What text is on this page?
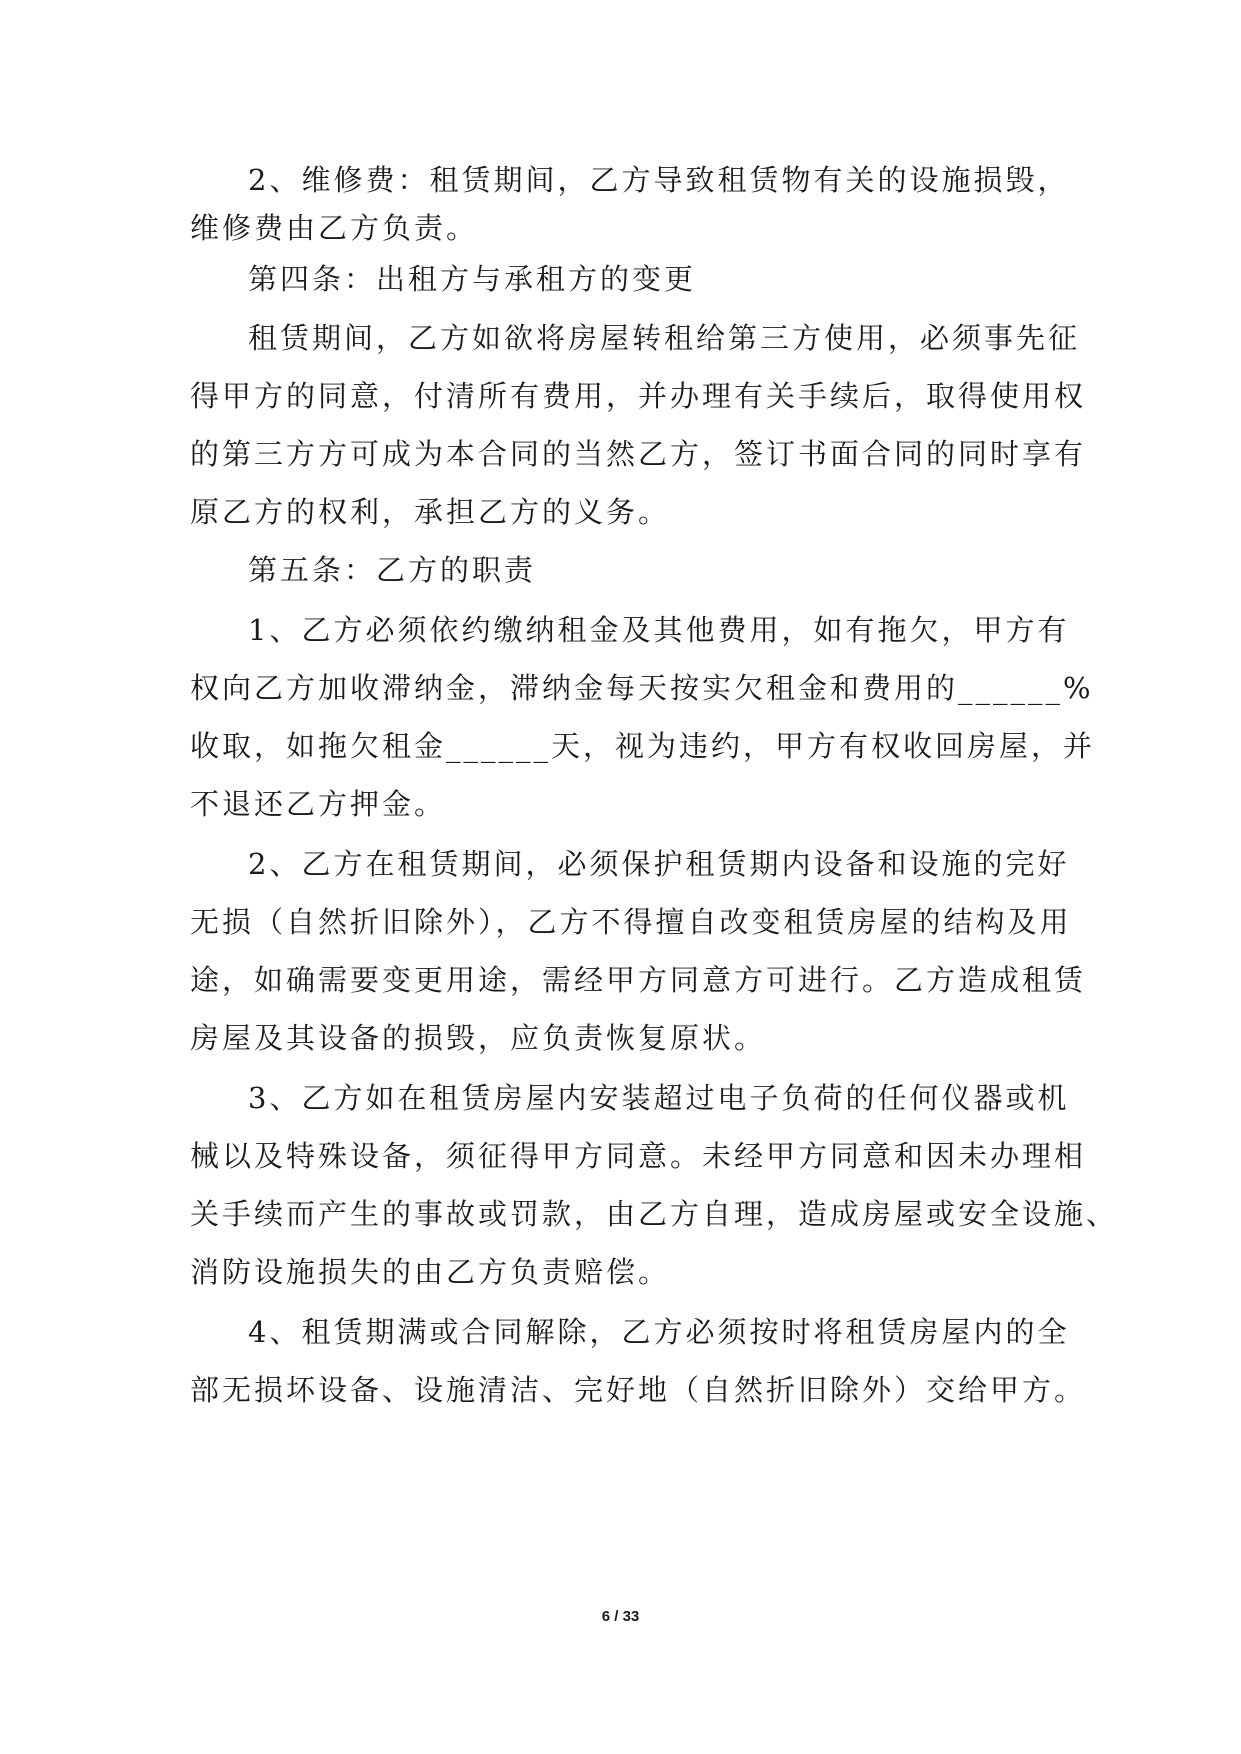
2、维修费：租赁期间，乙方导致租赁物有关的设施损毁，
维修费由乙方负责。
第四条：出租方与承租方的变更
租赁期间，乙方如欲将房屋转租给第三方使用，必须事先征
得甲方的同意，付清所有费用，并办理有关手续后，取得使用权
的第三方方可成为本合同的当然乙方，签订书面合同的同时享有
原乙方的权利，承担乙方的义务。
第五条：乙方的职责
1、乙方必须依约缴纳租金及其他费用，如有拖欠，甲方有
权向乙方加收滞纳金，滞纳金每天按实欠租金和费用的______%
收取，如拖欠租金______天，视为违约，甲方有权收回房屋，并
不退还乙方押金。
2、乙方在租赁期间，必须保护租赁期内设备和设施的完好
无损（自然折旧除外），乙方不得擅自改变租赁房屋的结构及用
途，如确需要变更用途，需经甲方同意方可进行。乙方造成租赁
房屋及其设备的损毁，应负责恢复原状。
3、乙方如在租赁房屋内安装超过电子负荷的任何仪器或机
械以及特殊设备，须征得甲方同意。未经甲方同意和因未办理相
关手续而产生的事故或罚款，由乙方自理，造成房屋或安全设施、
消防设施损失的由乙方负责赔偿。
4、租赁期满或合同解除，乙方必须按时将租赁房屋内的全
部无损坏设备、设施清洁、完好地（自然折旧除外）交给甲方。
6 / 33
